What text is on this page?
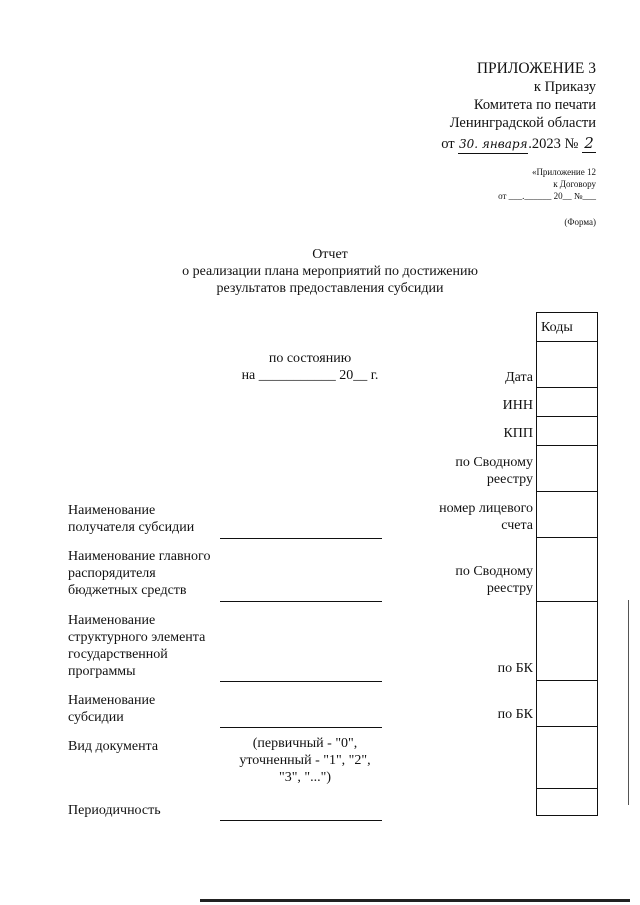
ПРИЛОЖЕНИЕ 3
к Приказу
Комитета по печати
Ленинградской области
от 30. января.2023 № 2
«Приложение 12
к Договору
от ___.______ 20__ №___
(Форма)
Отчет
о реализации плана мероприятий по достижению
результатов предоставления субсидии
по состоянию
на ___________ 20__ г.
Коды
Дата
ИНН
КПП
по Сводному
реестру
номер лицевого
счета
по Сводному
реестру
по БК
по БК
Наименование
получателя субсидии
Наименование главного
распорядителя
бюджетных средств
Наименование
структурного элемента
государственной
программы
Наименование
субсидии
Вид документа
Периодичность
(первичный - "0",
уточненный - "1", "2",
"3", "...")
